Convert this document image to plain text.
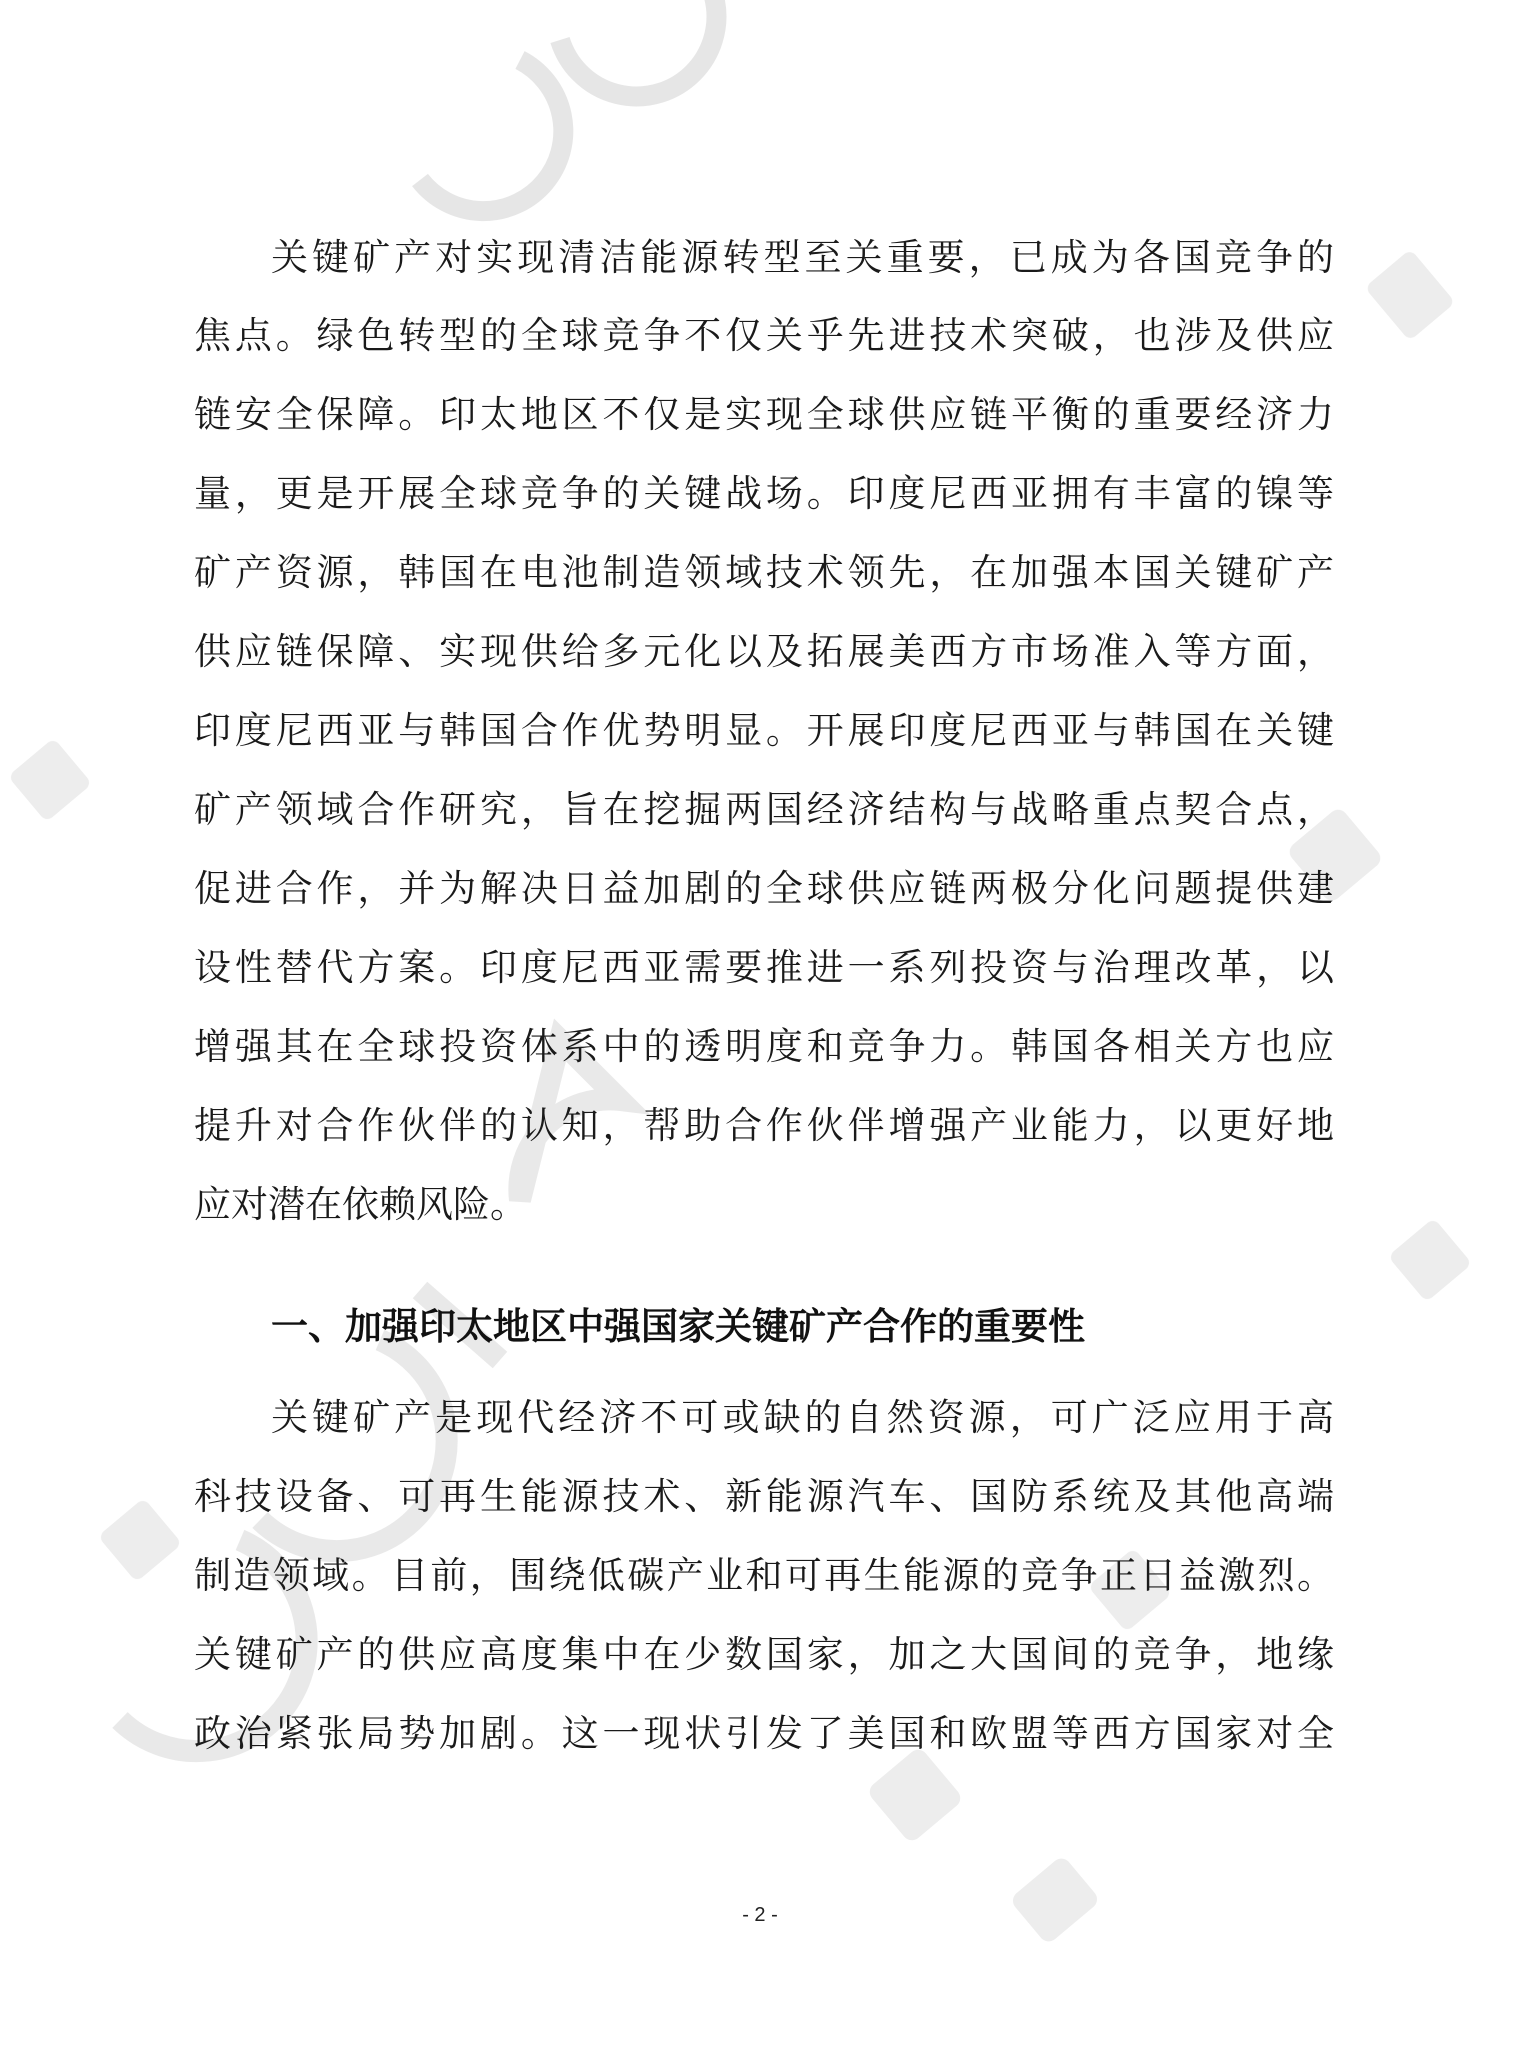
关键矿产对实现清洁能源转型至关重要，已成为各国竞争的
焦点。绿色转型的全球竞争不仅关乎先进技术突破，也涉及供应
链安全保障。印太地区不仅是实现全球供应链平衡的重要经济力
量，更是开展全球竞争的关键战场。印度尼西亚拥有丰富的镍等
矿产资源，韩国在电池制造领域技术领先，在加强本国关键矿产
供应链保障、实现供给多元化以及拓展美西方市场准入等方面，
印度尼西亚与韩国合作优势明显。开展印度尼西亚与韩国在关键
矿产领域合作研究，旨在挖掘两国经济结构与战略重点契合点，
促进合作，并为解决日益加剧的全球供应链两极分化问题提供建
设性替代方案。印度尼西亚需要推进一系列投资与治理改革，以
增强其在全球投资体系中的透明度和竞争力。韩国各相关方也应
提升对合作伙伴的认知，帮助合作伙伴增强产业能力，以更好地
应对潜在依赖风险。
一、加强印太地区中强国家关键矿产合作的重要性
关键矿产是现代经济不可或缺的自然资源，可广泛应用于高
科技设备、可再生能源技术、新能源汽车、国防系统及其他高端
制造领域。目前，围绕低碳产业和可再生能源的竞争正日益激烈。
关键矿产的供应高度集中在少数国家，加之大国间的竞争，地缘
政治紧张局势加剧。这一现状引发了美国和欧盟等西方国家对全
- 2 -
